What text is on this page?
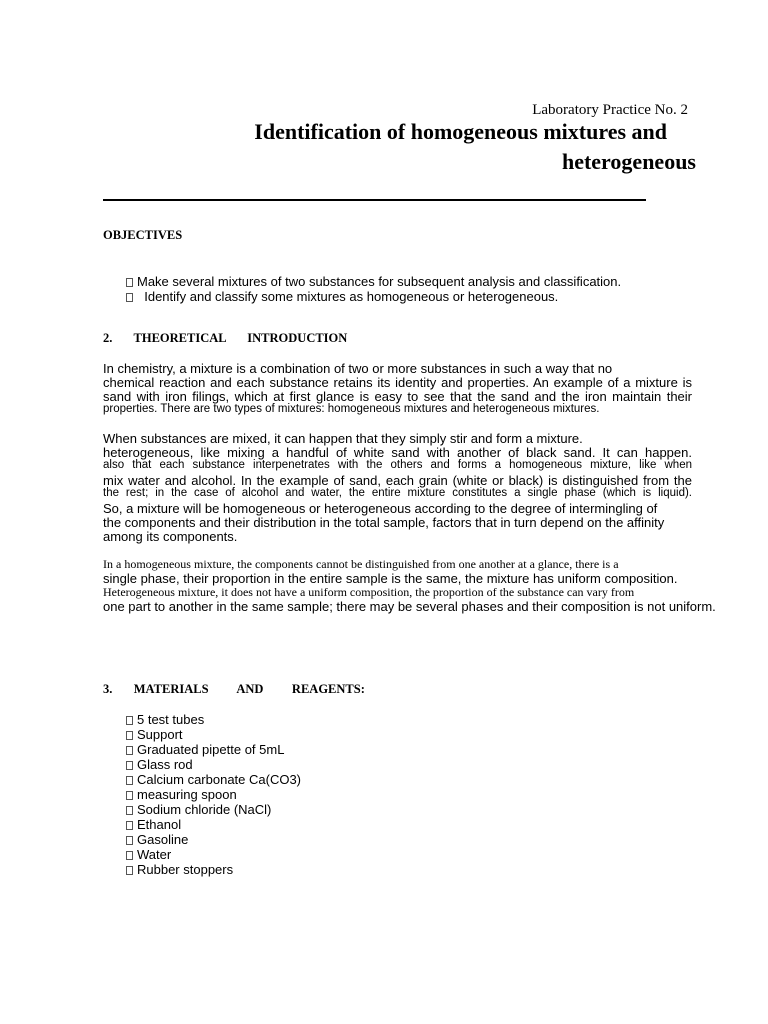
Laboratory Practice No. 2
Identification of homogeneous mixtures and
heterogeneous
OBJECTIVES
Make several mixtures of two substances for subsequent analysis and classification.
Identify and classify some mixtures as homogeneous or heterogeneous.
2.   THEORETICAL   INTRODUCTION
In chemistry, a mixture is a combination of two or more substances in such a way that no
chemical reaction and each substance retains its identity and properties. An example of a mixture is
sand with iron filings, which at first glance is easy to see that the sand and the iron maintain their
properties. There are two types of mixtures: homogeneous mixtures and heterogeneous mixtures.
When substances are mixed, it can happen that they simply stir and form a mixture.
heterogeneous, like mixing a handful of white sand with another of black sand. It can happen.
also that each substance interpenetrates with the others and forms a homogeneous mixture, like when
mix water and alcohol. In the example of sand, each grain (white or black) is distinguished from the
the rest; in the case of alcohol and water, the entire mixture constitutes a single phase (which is liquid).
So, a mixture will be homogeneous or heterogeneous according to the degree of intermingling of
the components and their distribution in the total sample, factors that in turn depend on the affinity
among its components.
In a homogeneous mixture, the components cannot be distinguished from one another at a glance, there is a
single phase, their proportion in the entire sample is the same, the mixture has uniform composition.
Heterogeneous mixture, it does not have a uniform composition, the proportion of the substance can vary from
one part to another in the same sample; there may be several phases and their composition is not uniform.
3.   MATERIALS    AND    REAGENTS:
5 test tubes
Support
Graduated pipette of 5mL
Glass rod
Calcium carbonate Ca(CO3)
measuring spoon
Sodium chloride (NaCl)
Ethanol
Gasoline
Water
Rubber stoppers
